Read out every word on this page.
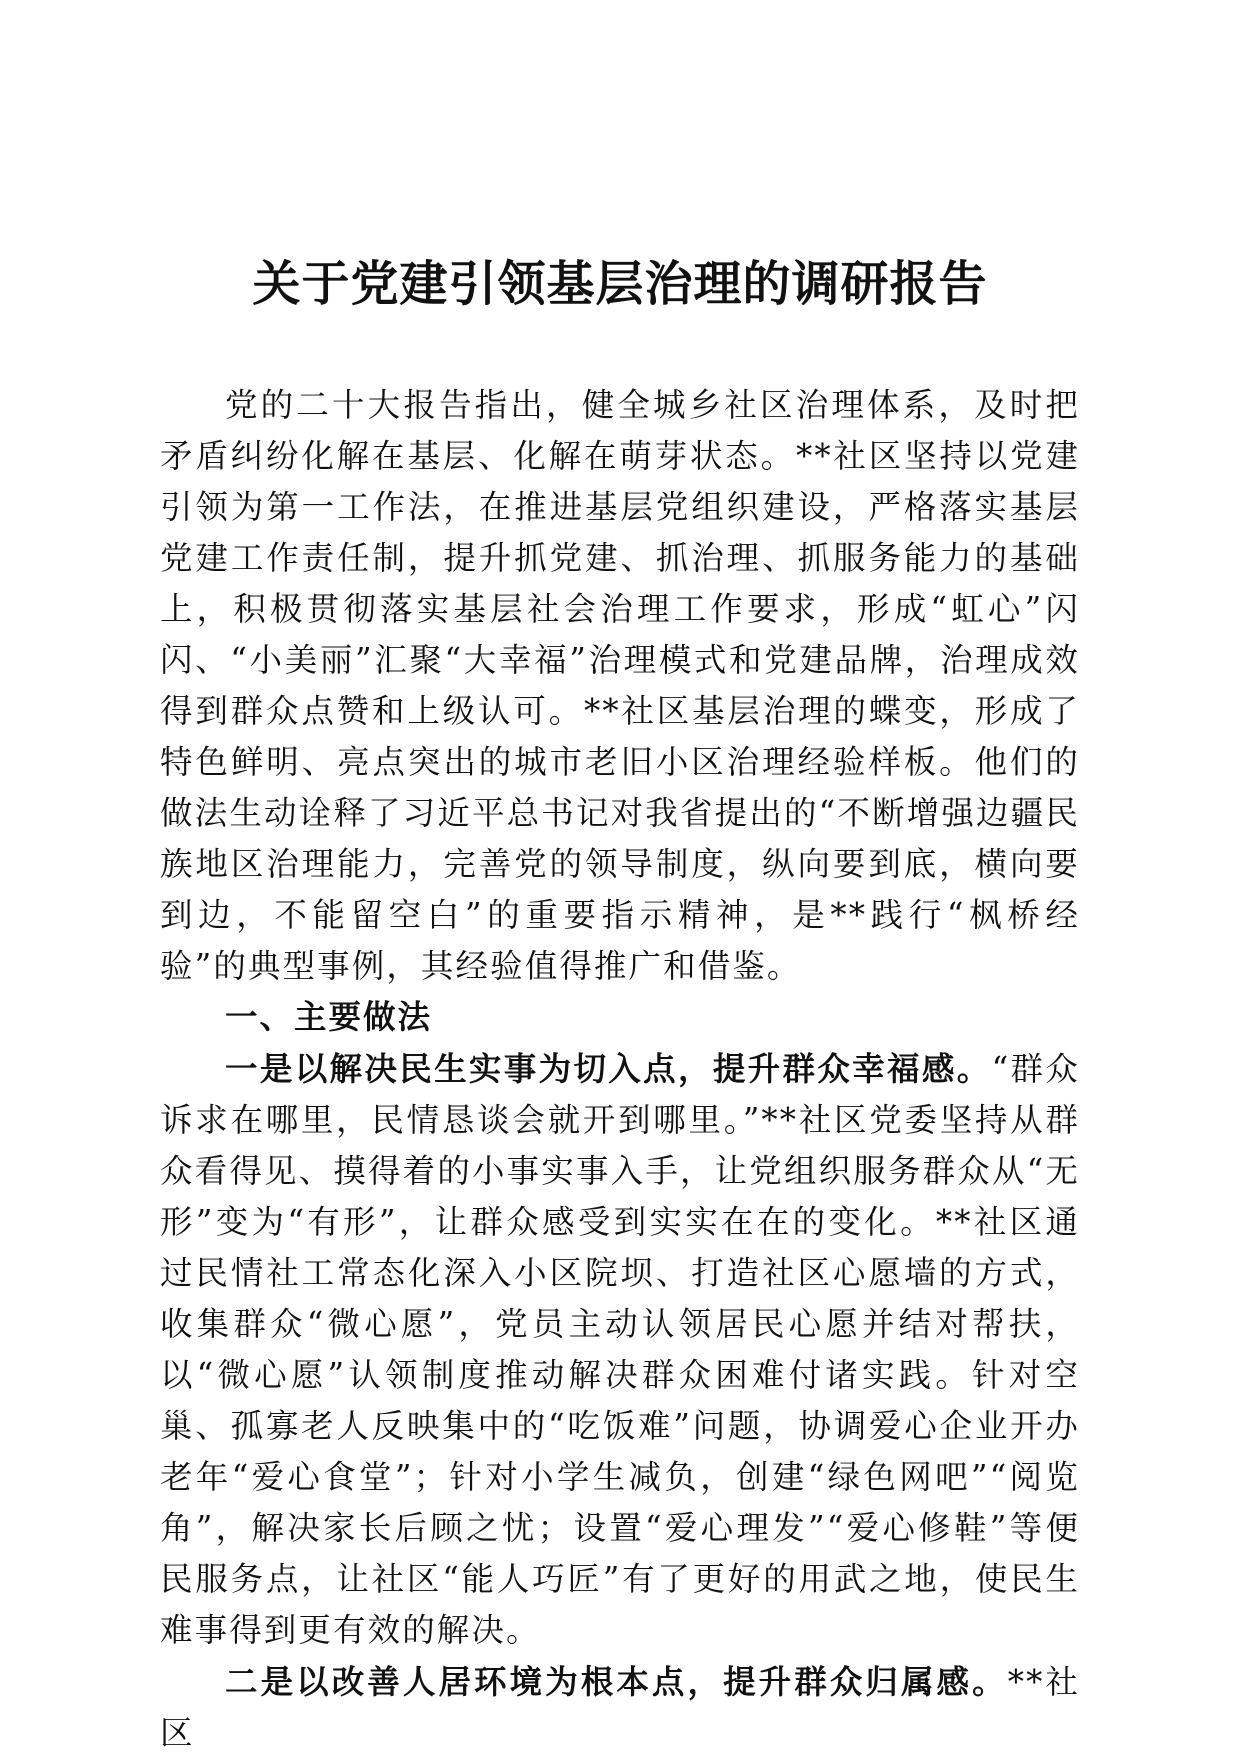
关于党建引领基层治理的调研报告

党的二十大报告指出，健全城乡社区治理体系，及时把矛盾纠纷化解在基层、化解在萌芽状态。**社区坚持以党建引领为第一工作法，在推进基层党组织建设，严格落实基层党建工作责任制，提升抓党建、抓治理、抓服务能力的基础上，积极贯彻落实基层社会治理工作要求，形成“虹心”闪闪、“小美丽”汇聚“大幸福”治理模式和党建品牌，治理成效得到群众点赞和上级认可。**社区基层治理的蝶变，形成了特色鲜明、亮点突出的城市老旧小区治理经验样板。他们的做法生动诠释了习近平总书记对我省提出的“不断增强边疆民族地区治理能力，完善党的领导制度，纵向要到底，横向要到边，不能留空白”的重要指示精神，是**践行“枫桥经验”的典型事例，其经验值得推广和借鉴。

一、主要做法

一是以解决民生实事为切入点，提升群众幸福感。“群众诉求在哪里，民情恳谈会就开到哪里。”**社区党委坚持从群众看得见、摸得着的小事实事入手，让党组织服务群众从“无形”变为“有形”，让群众感受到实实在在的变化。**社区通过民情社工常态化深入小区院坝、打造社区心愿墙的方式，收集群众“微心愿”，党员主动认领居民心愿并结对帮扶，以“微心愿”认领制度推动解决群众困难付诸实践。针对空巢、孤寡老人反映集中的“吃饭难”问题，协调爱心企业开办老年“爱心食堂”；针对小学生减负，创建“绿色网吧”“阅览角”，解决家长后顾之忧；设置“爱心理发”“爱心修鞋”等便民服务点，让社区“能人巧匠”有了更好的用武之地，使民生难事得到更有效的解决。

二是以改善人居环境为根本点，提升群众归属感。**社区
